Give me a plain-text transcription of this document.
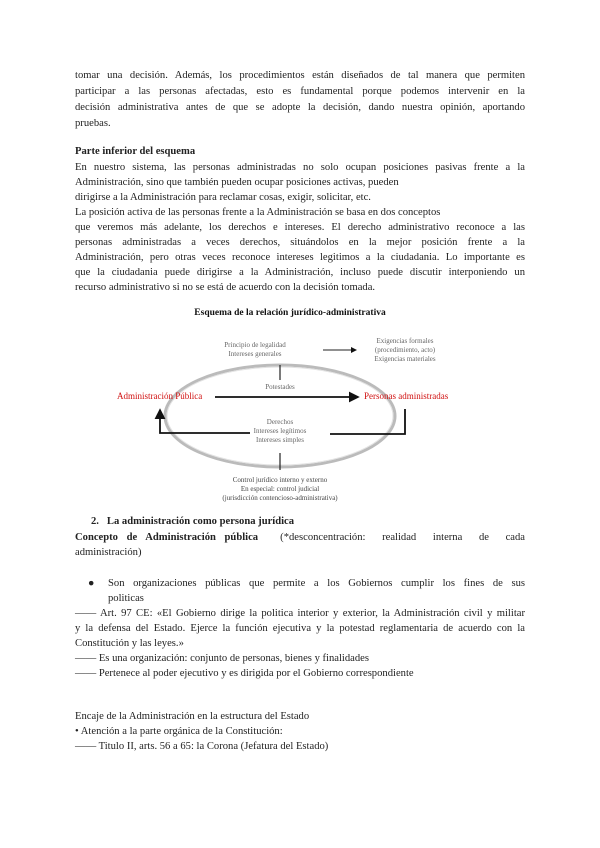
tomar una decisión. Además, los procedimientos están diseñados de tal manera que permiten
participar a las personas afectadas, esto es fundamental porque podemos intervenir en la
decisión administrativa antes de que se adopte la decisión, dando nuestra opinión, aportando
pruebas.
Parte inferior del esquema
En nuestro sistema, las personas administradas no solo ocupan posiciones pasivas frente a la
Administración, sino que también pueden ocupar posiciones activas, pueden
dirigirse a la Administración para reclamar cosas, exigir, solicitar, etc.
La posición activa de las personas frente a la Administración se basa en dos conceptos
que veremos más adelante, los derechos e intereses. El derecho administrativo reconoce a las
personas administradas a veces derechos, situándolos en la mejor posición frente a la
Administración, pero otras veces reconoce intereses legitimos a la ciudadania. Lo importante es
que la ciudadania puede dirigirse a la Administración, incluso puede discutir interponiendo un
recurso administrativo si no se está de acuerdo con la decisión tomada.
Esquema de la relación jurídico-administrativa
Principio de legalidad
Intereses generales
Exigencias formales
(procedimiento, acto)
Exigencias materiales
Potestades
Administración Pública	Personas administradas
Derechos
Intereses legítimos
Intereses simples
Control jurídico interno y externo
En especial: control judicial
(jurisdicción contencioso-administrativa)
2. La administración como persona jurídica
Concepto de Administración pública (*desconcentración: realidad interna de cada
administración)
●	Son organizaciones públicas que permite a los Gobiernos cumplir los fines de sus
politicas
—— Art. 97 CE: «El Gobierno dirige la politica interior y exterior, la Administración civil y militar
y la defensa del Estado. Ejerce la función ejecutiva y la potestad reglamentaria de acuerdo con la
Constitución y las leyes.»
—— Es una organización: conjunto de personas, bienes y finalidades
—— Pertenece al poder ejecutivo y es dirigida por el Gobierno correspondiente
Encaje de la Administración en la estructura del Estado
• Atención a la parte orgánica de la Constitución:
—— Titulo II, arts. 56 a 65: la Corona (Jefatura del Estado)
